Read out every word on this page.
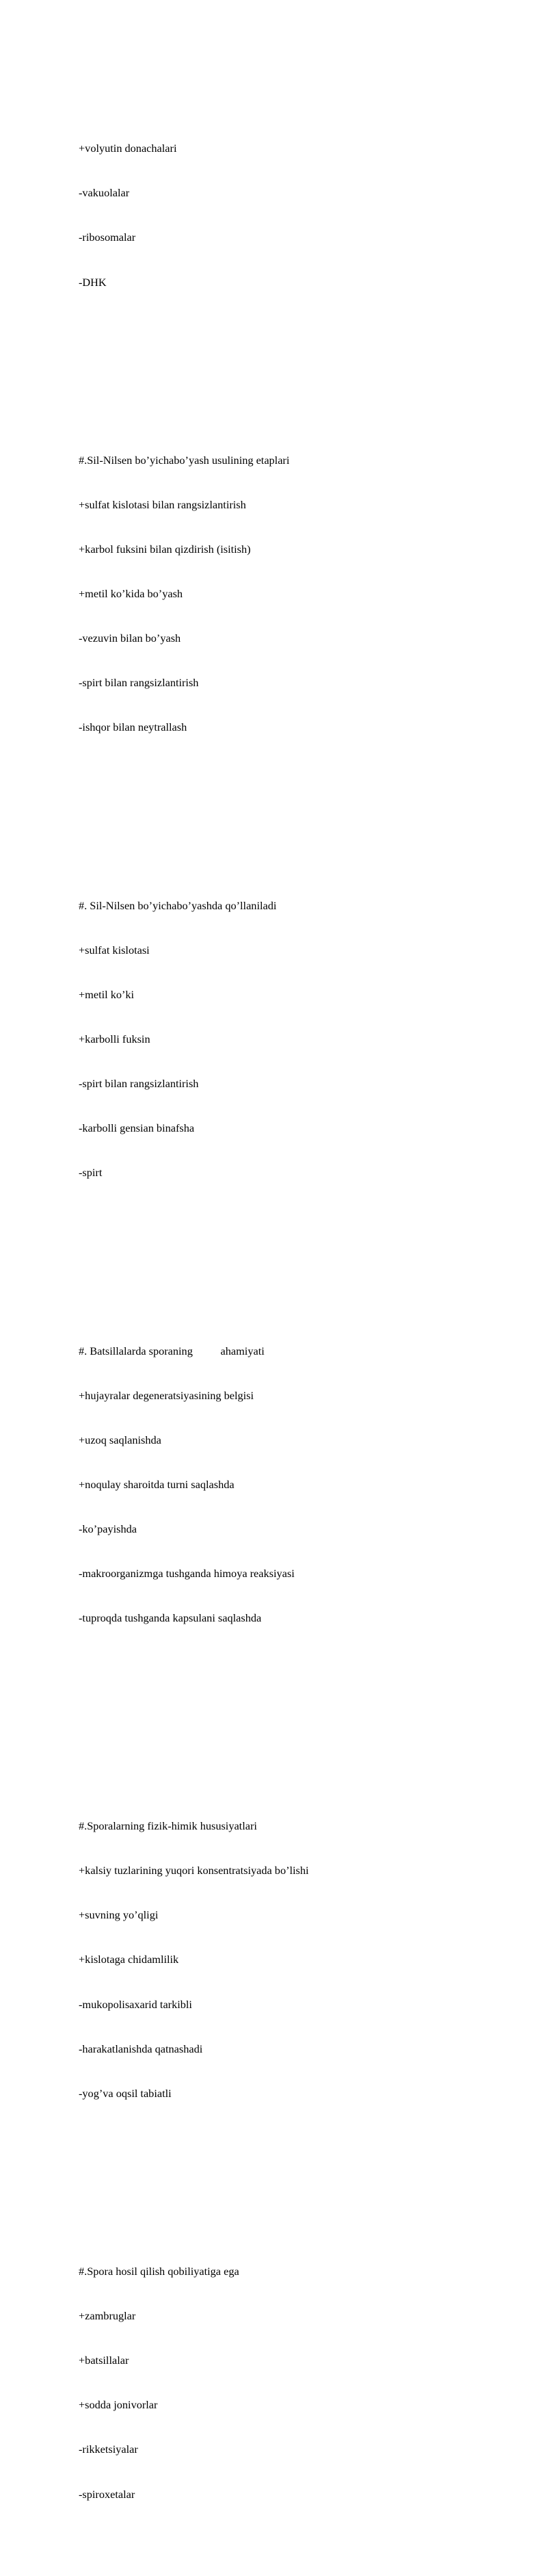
+volyutin donachalari

-vakuolalar

-ribosomalar

-DHK

#.Sil-Nilsen bo’yichabo’yash usulining etaplari

+sulfat kislotasi bilan rangsizlantirish

+karbol fuksini bilan qizdirish (isitish)

+metil ko’kida bo’yash

-vezuvin bilan bo’yash

-spirt bilan rangsizlantirish

-ishqor bilan neytrallash

#. Sil-Nilsen bo’yichabo’yashda qo’llaniladi

+sulfat kislotasi

+metil ko’ki

+karbolli fuksin

-spirt bilan rangsizlantirish

-karbolli gensian binafsha

-spirt

#. Batsillalarda sporaning          ahamiyati

+hujayralar degeneratsiyasining belgisi

+uzoq saqlanishda

+noqulay sharoitda turni saqlashda

-ko’payishda

-makroorganizmga tushganda himoya reaksiyasi

-tuproqda tushganda kapsulani saqlashda

#.Sporalarning fizik-himik hususiyatlari

+kalsiy tuzlarining yuqori konsentratsiyada bo’lishi

+suvning yo’qligi

+kislotaga chidamlilik

-mukopolisaxarid tarkibli

-harakatlanishda qatnashadi

-yog’va oqsil tabiatli

#.Spora hosil qilish qobiliyatiga ega

+zambruglar

+batsillalar

+sodda jonivorlar

-rikketsiyalar

-spiroxetalar
